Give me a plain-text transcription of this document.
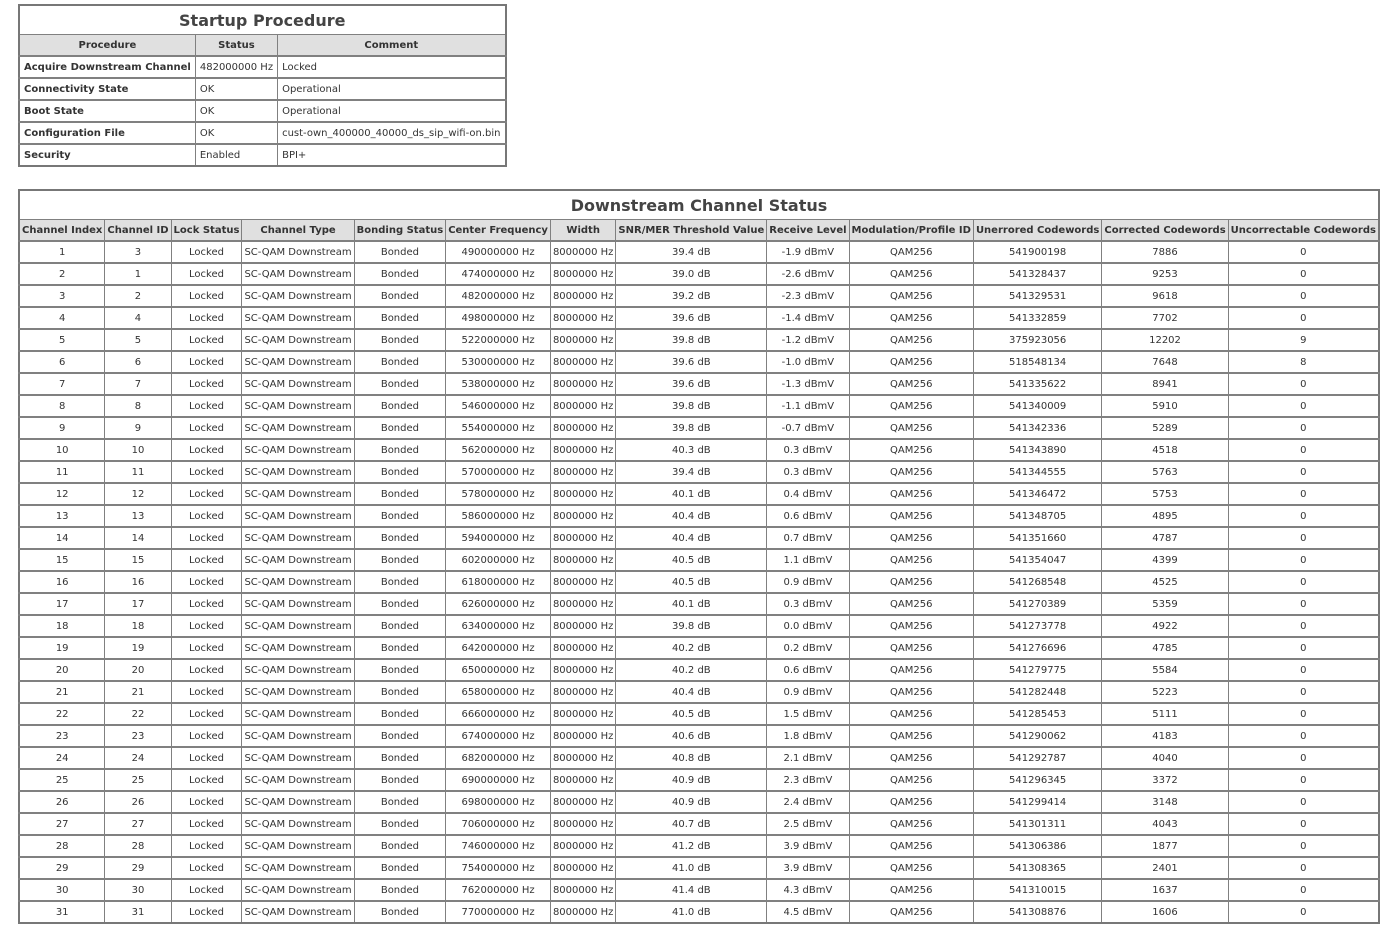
Startup Procedure		
Procedure	Status	Comment
Acquire Downstream Channel	482000000 Hz	Locked
Connectivity State	OK	Operational
Boot State	OK	Operational
Configuration File	OK	cust-own_400000_40000_ds_sip_wifi-on.bin
Security	Enabled	BPI+
Downstream Channel Status												
Channel Index	Channel ID	Lock Status	Channel Type	Bonding Status	Center Frequency	Width	SNR/MER Threshold Value	Receive Level	Modulation/Profile ID	Unerrored Codewords	Corrected Codewords	Uncorrectable Codewords
1	3	Locked	SC-QAM Downstream	Bonded	490000000 Hz	8000000 Hz	39.4 dB	-1.9 dBmV	QAM256	541900198	7886	0
2	1	Locked	SC-QAM Downstream	Bonded	474000000 Hz	8000000 Hz	39.0 dB	-2.6 dBmV	QAM256	541328437	9253	0
3	2	Locked	SC-QAM Downstream	Bonded	482000000 Hz	8000000 Hz	39.2 dB	-2.3 dBmV	QAM256	541329531	9618	0
4	4	Locked	SC-QAM Downstream	Bonded	498000000 Hz	8000000 Hz	39.6 dB	-1.4 dBmV	QAM256	541332859	7702	0
5	5	Locked	SC-QAM Downstream	Bonded	522000000 Hz	8000000 Hz	39.8 dB	-1.2 dBmV	QAM256	375923056	12202	9
6	6	Locked	SC-QAM Downstream	Bonded	530000000 Hz	8000000 Hz	39.6 dB	-1.0 dBmV	QAM256	518548134	7648	8
7	7	Locked	SC-QAM Downstream	Bonded	538000000 Hz	8000000 Hz	39.6 dB	-1.3 dBmV	QAM256	541335622	8941	0
8	8	Locked	SC-QAM Downstream	Bonded	546000000 Hz	8000000 Hz	39.8 dB	-1.1 dBmV	QAM256	541340009	5910	0
9	9	Locked	SC-QAM Downstream	Bonded	554000000 Hz	8000000 Hz	39.8 dB	-0.7 dBmV	QAM256	541342336	5289	0
10	10	Locked	SC-QAM Downstream	Bonded	562000000 Hz	8000000 Hz	40.3 dB	0.3 dBmV	QAM256	541343890	4518	0
11	11	Locked	SC-QAM Downstream	Bonded	570000000 Hz	8000000 Hz	39.4 dB	0.3 dBmV	QAM256	541344555	5763	0
12	12	Locked	SC-QAM Downstream	Bonded	578000000 Hz	8000000 Hz	40.1 dB	0.4 dBmV	QAM256	541346472	5753	0
13	13	Locked	SC-QAM Downstream	Bonded	586000000 Hz	8000000 Hz	40.4 dB	0.6 dBmV	QAM256	541348705	4895	0
14	14	Locked	SC-QAM Downstream	Bonded	594000000 Hz	8000000 Hz	40.4 dB	0.7 dBmV	QAM256	541351660	4787	0
15	15	Locked	SC-QAM Downstream	Bonded	602000000 Hz	8000000 Hz	40.5 dB	1.1 dBmV	QAM256	541354047	4399	0
16	16	Locked	SC-QAM Downstream	Bonded	618000000 Hz	8000000 Hz	40.5 dB	0.9 dBmV	QAM256	541268548	4525	0
17	17	Locked	SC-QAM Downstream	Bonded	626000000 Hz	8000000 Hz	40.1 dB	0.3 dBmV	QAM256	541270389	5359	0
18	18	Locked	SC-QAM Downstream	Bonded	634000000 Hz	8000000 Hz	39.8 dB	0.0 dBmV	QAM256	541273778	4922	0
19	19	Locked	SC-QAM Downstream	Bonded	642000000 Hz	8000000 Hz	40.2 dB	0.2 dBmV	QAM256	541276696	4785	0
20	20	Locked	SC-QAM Downstream	Bonded	650000000 Hz	8000000 Hz	40.2 dB	0.6 dBmV	QAM256	541279775	5584	0
21	21	Locked	SC-QAM Downstream	Bonded	658000000 Hz	8000000 Hz	40.4 dB	0.9 dBmV	QAM256	541282448	5223	0
22	22	Locked	SC-QAM Downstream	Bonded	666000000 Hz	8000000 Hz	40.5 dB	1.5 dBmV	QAM256	541285453	5111	0
23	23	Locked	SC-QAM Downstream	Bonded	674000000 Hz	8000000 Hz	40.6 dB	1.8 dBmV	QAM256	541290062	4183	0
24	24	Locked	SC-QAM Downstream	Bonded	682000000 Hz	8000000 Hz	40.8 dB	2.1 dBmV	QAM256	541292787	4040	0
25	25	Locked	SC-QAM Downstream	Bonded	690000000 Hz	8000000 Hz	40.9 dB	2.3 dBmV	QAM256	541296345	3372	0
26	26	Locked	SC-QAM Downstream	Bonded	698000000 Hz	8000000 Hz	40.9 dB	2.4 dBmV	QAM256	541299414	3148	0
27	27	Locked	SC-QAM Downstream	Bonded	706000000 Hz	8000000 Hz	40.7 dB	2.5 dBmV	QAM256	541301311	4043	0
28	28	Locked	SC-QAM Downstream	Bonded	746000000 Hz	8000000 Hz	41.2 dB	3.9 dBmV	QAM256	541306386	1877	0
29	29	Locked	SC-QAM Downstream	Bonded	754000000 Hz	8000000 Hz	41.0 dB	3.9 dBmV	QAM256	541308365	2401	0
30	30	Locked	SC-QAM Downstream	Bonded	762000000 Hz	8000000 Hz	41.4 dB	4.3 dBmV	QAM256	541310015	1637	0
31	31	Locked	SC-QAM Downstream	Bonded	770000000 Hz	8000000 Hz	41.0 dB	4.5 dBmV	QAM256	541308876	1606	0
